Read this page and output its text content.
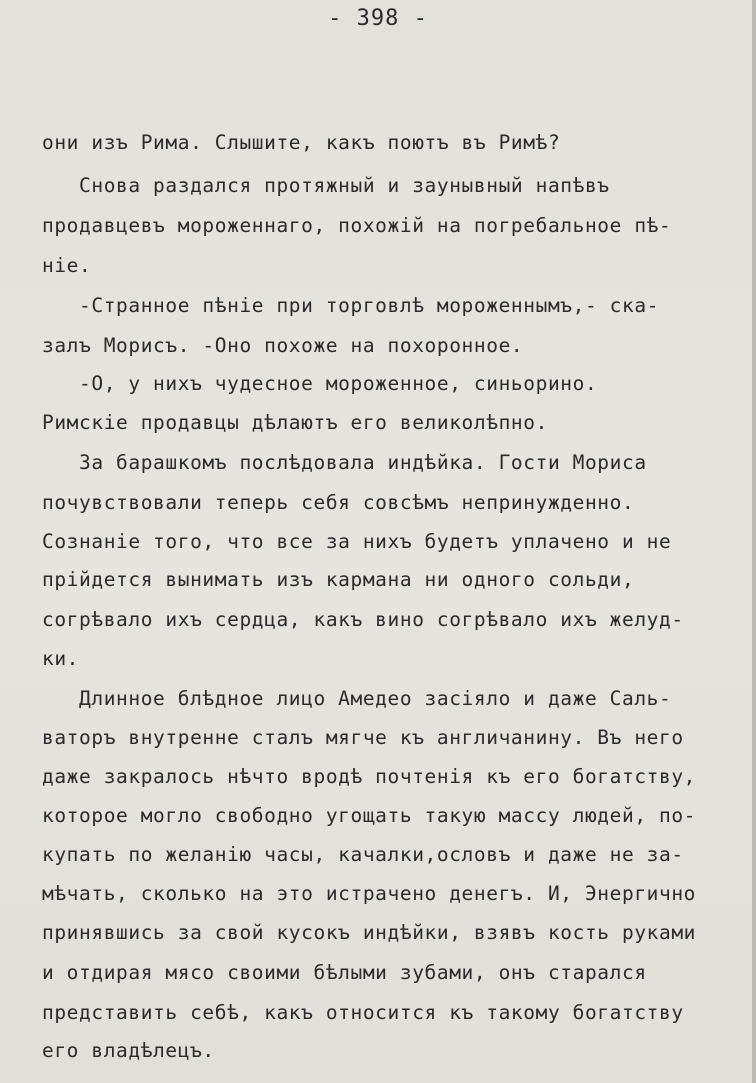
- 398 -
они изъ Рима. Слышите, какъ поютъ въ Римѣ?
Снова раздался протяжный и заунывный напѣвъ
продавцевъ мороженнаго, похожій на погребальное пѣ-
ніе.
-Странное пѣніе при торговлѣ мороженнымъ,- ска-
залъ Морисъ. -Оно похоже на похоронное.
-О, у нихъ чудесное мороженное, синьорино.
Римскіе продавцы дѣлаютъ его великолѣпно.
За барашкомъ послѣдовала индѣйка. Гости Мориса
почувствовали теперь себя совсѣмъ непринужденно.
Сознаніе того, что все за нихъ будетъ уплачено и не
прійдется вынимать изъ кармана ни одного сольди,
согрѣвало ихъ сердца, какъ вино согрѣвало ихъ желуд-
ки.
Длинное блѣдное лицо Амедео засіяло и даже Саль-
ваторъ внутренне сталъ мягче къ англичанину. Въ него
даже закралось нѣчто вродѣ почтенія къ его богатству,
которое могло свободно угощать такую массу людей, по-
купать по желанію часы, качалки,ословъ и даже не за-
мѣчать, сколько на это истрачено денегъ. И, Энергично
принявшись за свой кусокъ индѣйки, взявъ кость руками
и отдирая мясо своими бѣлыми зубами, онъ старался
представить себѣ, какъ относится къ такому богатству
его владѣлецъ.
